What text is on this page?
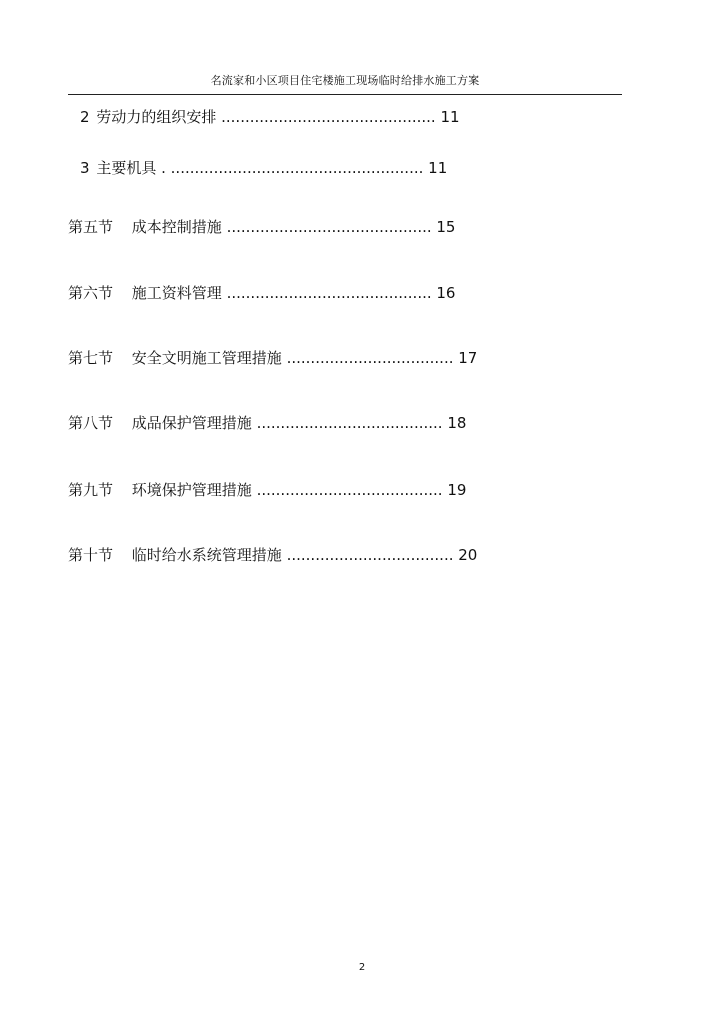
名流家和小区项目住宅楼施工现场临时给排水施工方案
2 劳动力的组织安排 ............................................. 11
3 主要机具 . ..................................................... 11
第五节 成本控制措施 ........................................... 15
第六节 施工资料管理 ........................................... 16
第七节 安全文明施工管理措施 ................................... 17
第八节 成品保护管理措施 ....................................... 18
第九节 环境保护管理措施 ....................................... 19
第十节 临时给水系统管理措施 ................................... 20
2
